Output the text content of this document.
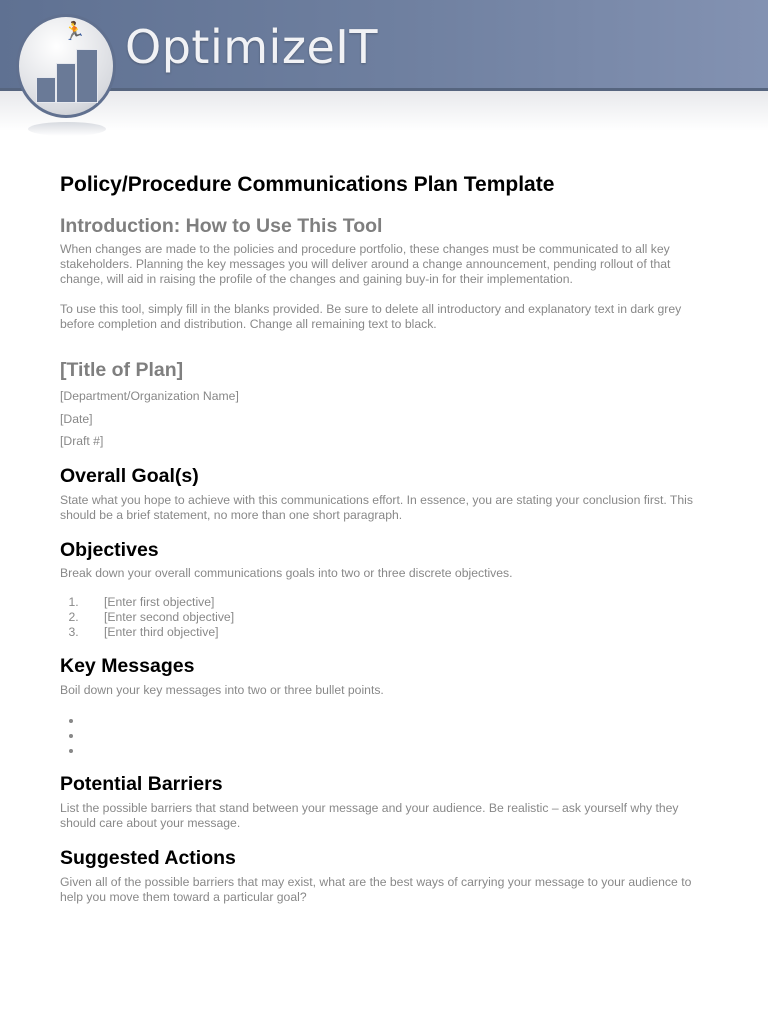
🏃 OptimizeIT
Policy/Procedure Communications Plan Template
Introduction: How to Use This Tool
When changes are made to the policies and procedure portfolio, these changes must be communicated to all key stakeholders. Planning the key messages you will deliver around a change announcement, pending rollout of that change, will aid in raising the profile of the changes and gaining buy-in for their implementation.
To use this tool, simply fill in the blanks provided. Be sure to delete all introductory and explanatory text in dark grey before completion and distribution. Change all remaining text to black.
[Title of Plan]
[Department/Organization Name]
[Date]
[Draft #]
Overall Goal(s)
State what you hope to achieve with this communications effort. In essence, you are stating your conclusion first. This should be a brief statement, no more than one short paragraph.
Objectives
Break down your overall communications goals into two or three discrete objectives.
1. [Enter first objective]
2. [Enter second objective]
3. [Enter third objective]
Key Messages
Boil down your key messages into two or three bullet points.
•
•
•
Potential Barriers
List the possible barriers that stand between your message and your audience. Be realistic – ask yourself why they should care about your message.
Suggested Actions
Given all of the possible barriers that may exist, what are the best ways of carrying your message to your audience to help you move them toward a particular goal?
